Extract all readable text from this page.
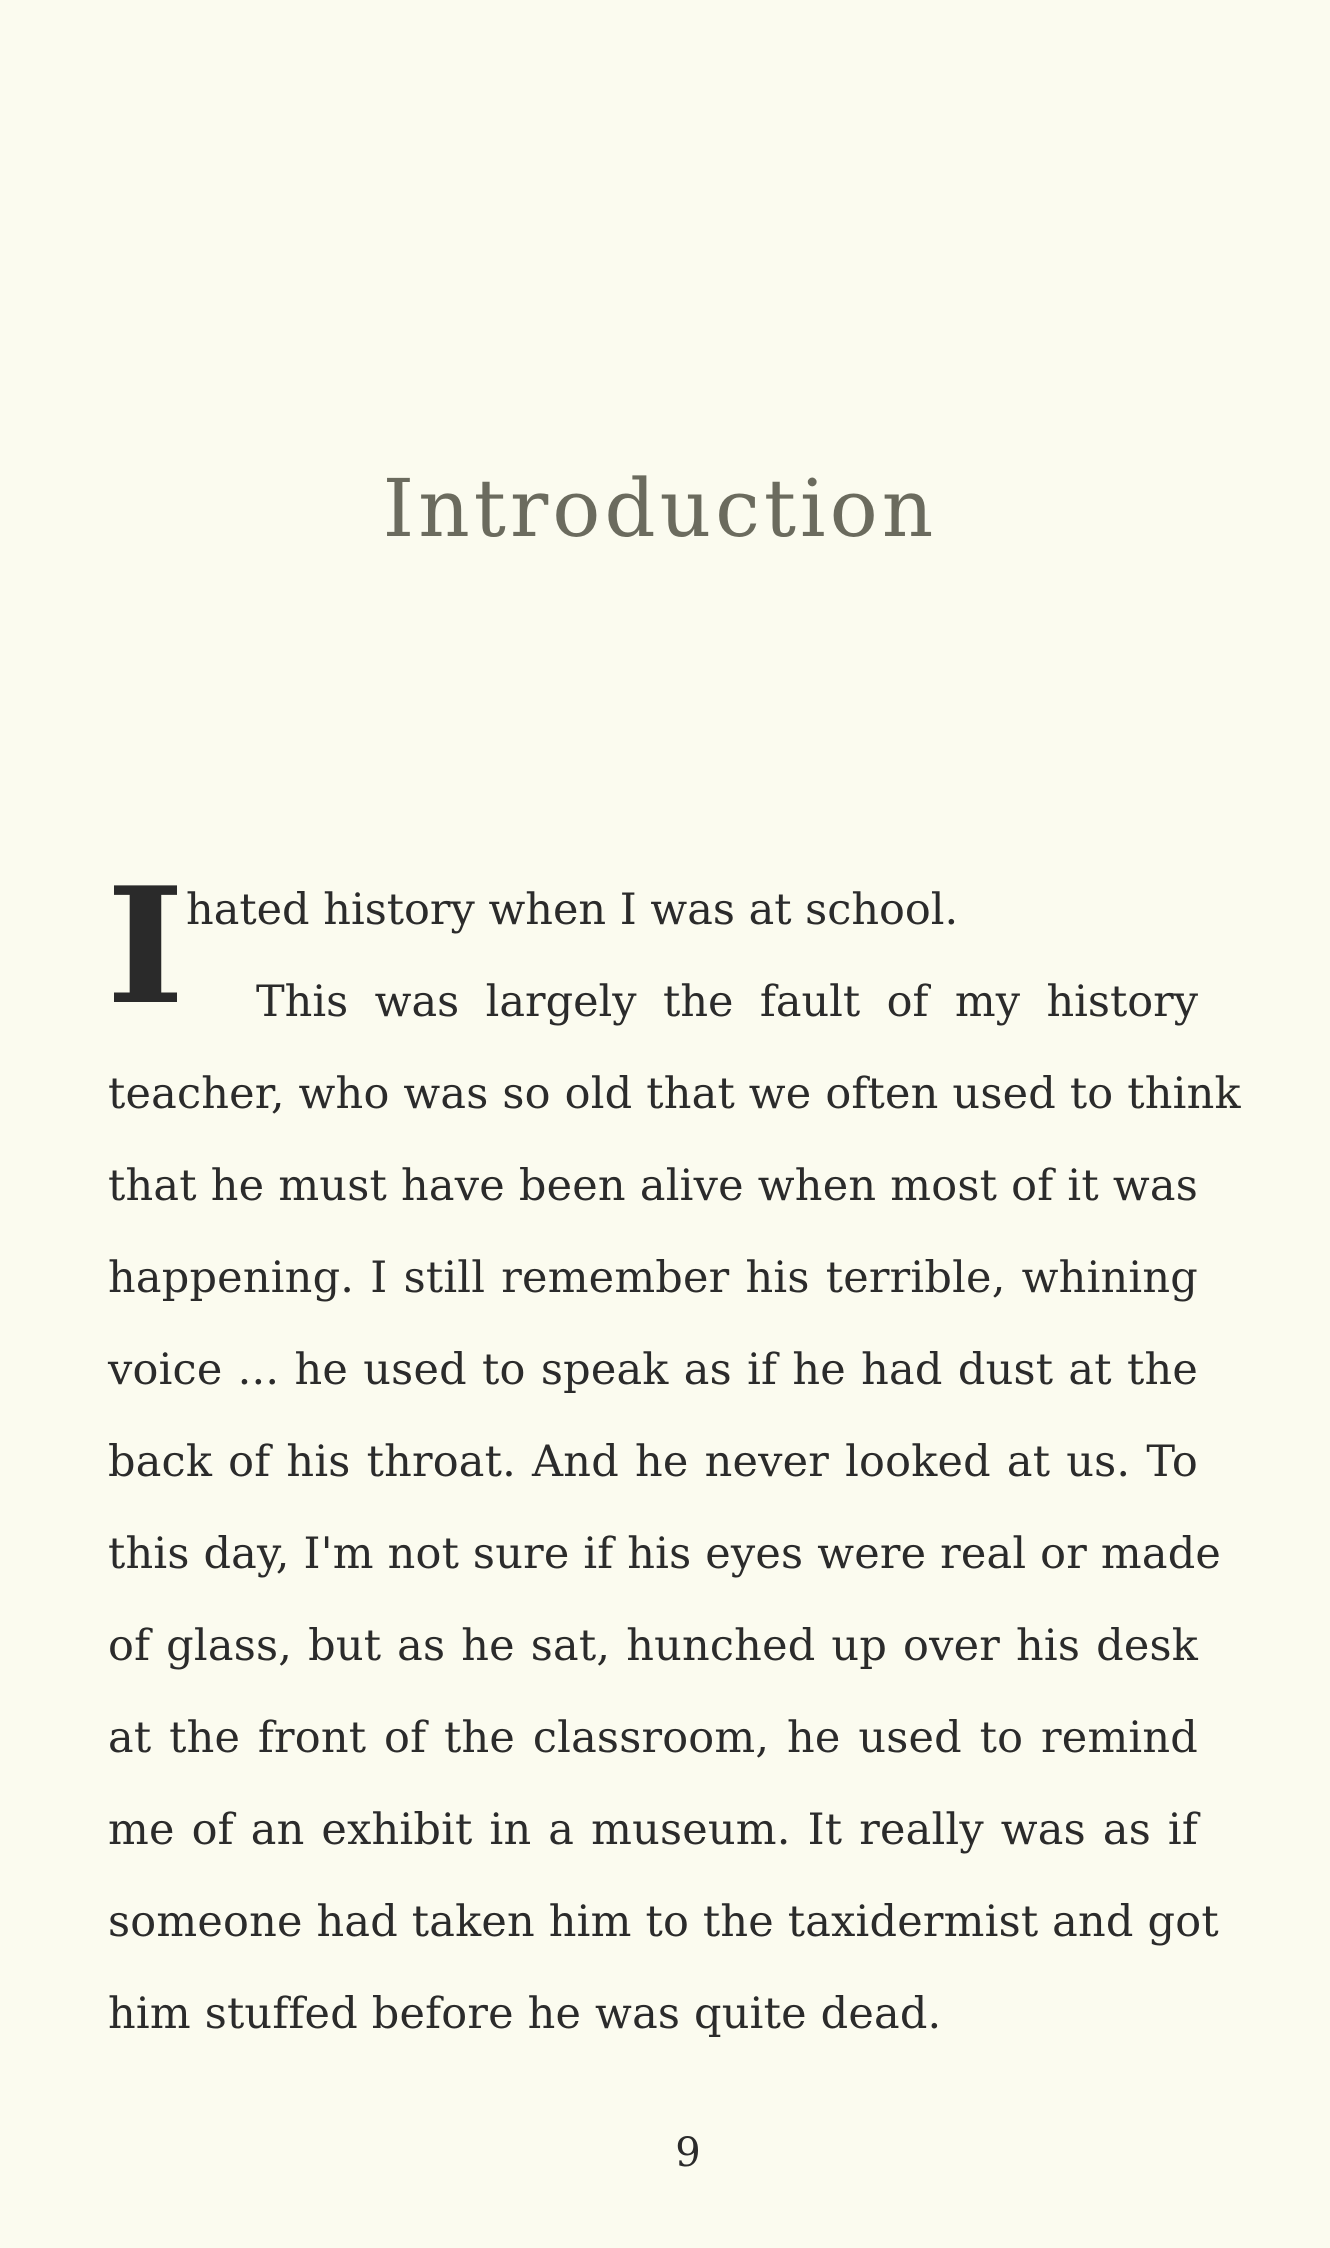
Introduction
I hated history when I was at school.
This was largely the fault of my history
teacher, who was so old that we often used to think
that he must have been alive when most of it was
happening. I still remember his terrible, whining
voice ... he used to speak as if he had dust at the
back of his throat. And he never looked at us. To
this day, I'm not sure if his eyes were real or made
of glass, but as he sat, hunched up over his desk
at the front of the classroom, he used to remind
me of an exhibit in a museum. It really was as if
someone had taken him to the taxidermist and got
him stuffed before he was quite dead.
9
